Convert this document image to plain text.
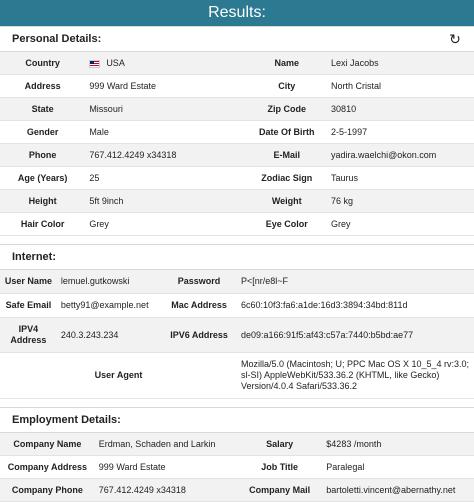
Results:
Personal Details:	↻
Country	USA	Name	Lexi Jacobs
Address	999 Ward Estate	City	North Cristal
State	Missouri	Zip Code	30810
Gender	Male	Date Of Birth	2-5-1997
Phone	767.412.4249 x34318	E-Mail	yadira.waelchi@okon.com
Age (Years)	25	Zodiac Sign	Taurus
Height	5ft 9inch	Weight	76 kg
Hair Color	Grey	Eye Color	Grey
Internet:
User Name	lemuel.gutkowski	Password	P<[nr/e8l~F
Safe Email	betty91@example.net	Mac Address	6c60:10f3:fa6:a1de:16d3:3894:34bd:811d
IPV4 Address	240.3.243.234	IPV6 Address	de09:a166:91f5:af43:c57a:7440:b5bd:ae77
User Agent			Mozilla/5.0 (Macintosh; U; PPC Mac OS X 10_5_4 rv:3.0; sl-SI) AppleWebKit/533.36.2 (KHTML, like Gecko) Version/4.0.4 Safari/533.36.2
Employment Details:
Company Name	Erdman, Schaden and Larkin	Salary	$4283 /month
Company Address	999 Ward Estate	Job Title	Paralegal
Company Phone	767.412.4249 x34318	Company Mail	bartoletti.vincent@abernathy.net
